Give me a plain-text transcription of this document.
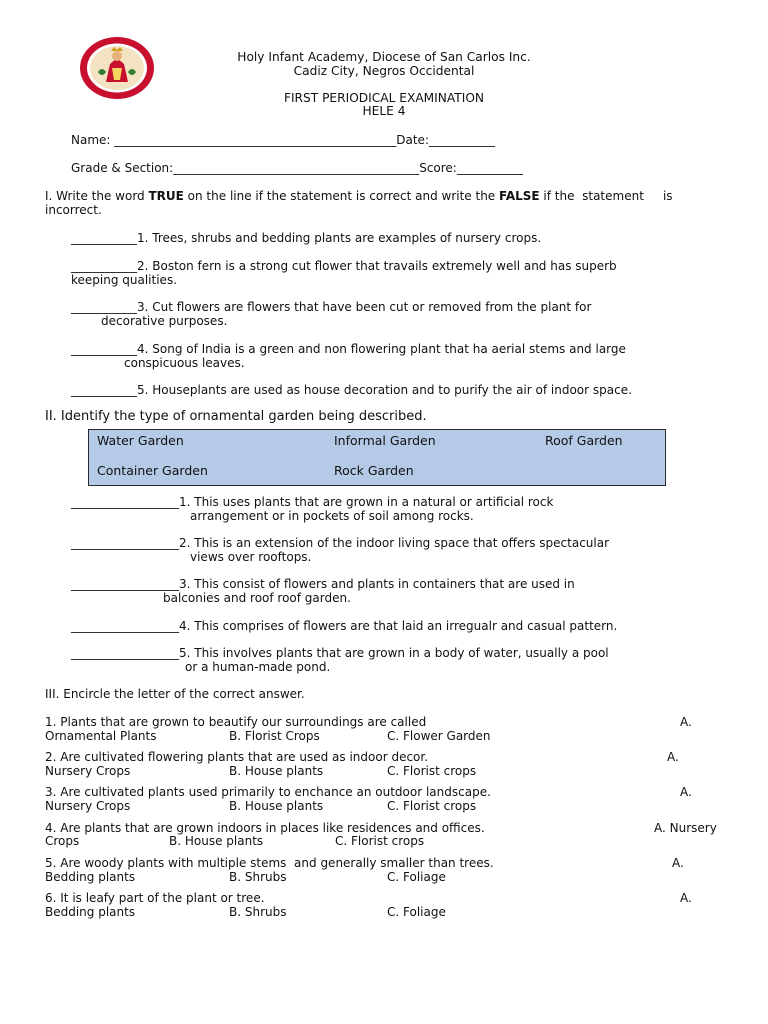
Holy Infant Academy, Diocese of San Carlos Inc.
Cadiz City, Negros Occidental
FIRST PERIODICAL EXAMINATION
HELE 4
Name: _______________________________________________Date:___________
Grade & Section:_________________________________________Score:___________
I. Write the word TRUE on the line if the statement is correct and write the FALSE if the  statement     is
incorrect.
___________1. Trees, shrubs and bedding plants are examples of nursery crops.
___________2. Boston fern is a strong cut flower that travails extremely well and has superb
keeping qualities.
___________3. Cut flowers are flowers that have been cut or removed from the plant for
decorative purposes.
___________4. Song of India is a green and non flowering plant that ha aerial stems and large
conspicuous leaves.
___________5. Houseplants are used as house decoration and to purify the air of indoor space.
II. Identify the type of ornamental garden being described.
Water Garden	Informal Garden	Roof Garden
Container Garden	Rock Garden
__________________1. This uses plants that are grown in a natural or artificial rock
arrangement or in pockets of soil among rocks.
__________________2. This is an extension of the indoor living space that offers spectacular
views over rooftops.
__________________3. This consist of flowers and plants in containers that are used in
balconies and roof roof garden.
__________________4. This comprises of flowers are that laid an irregualr and casual pattern.
__________________5. This involves plants that are grown in a body of water, usually a pool
or a human-made pond.
III. Encircle the letter of the correct answer.
1. Plants that are grown to beautify our surroundings are called	A.
Ornamental Plants	B. Florist Crops	C. Flower Garden
2. Are cultivated flowering plants that are used as indoor decor.	A.
Nursery Crops	B. House plants	C. Florist crops
3. Are cultivated plants used primarily to enchance an outdoor landscape.	A.
Nursery Crops	B. House plants	C. Florist crops
4. Are plants that are grown indoors in places like residences and offices.	A. Nursery
Crops	B. House plants	C. Florist crops
5. Are woody plants with multiple stems  and generally smaller than trees.	A.
Bedding plants	B. Shrubs	C. Foliage
6. It is leafy part of the plant or tree.	A.
Bedding plants	B. Shrubs	C. Foliage
